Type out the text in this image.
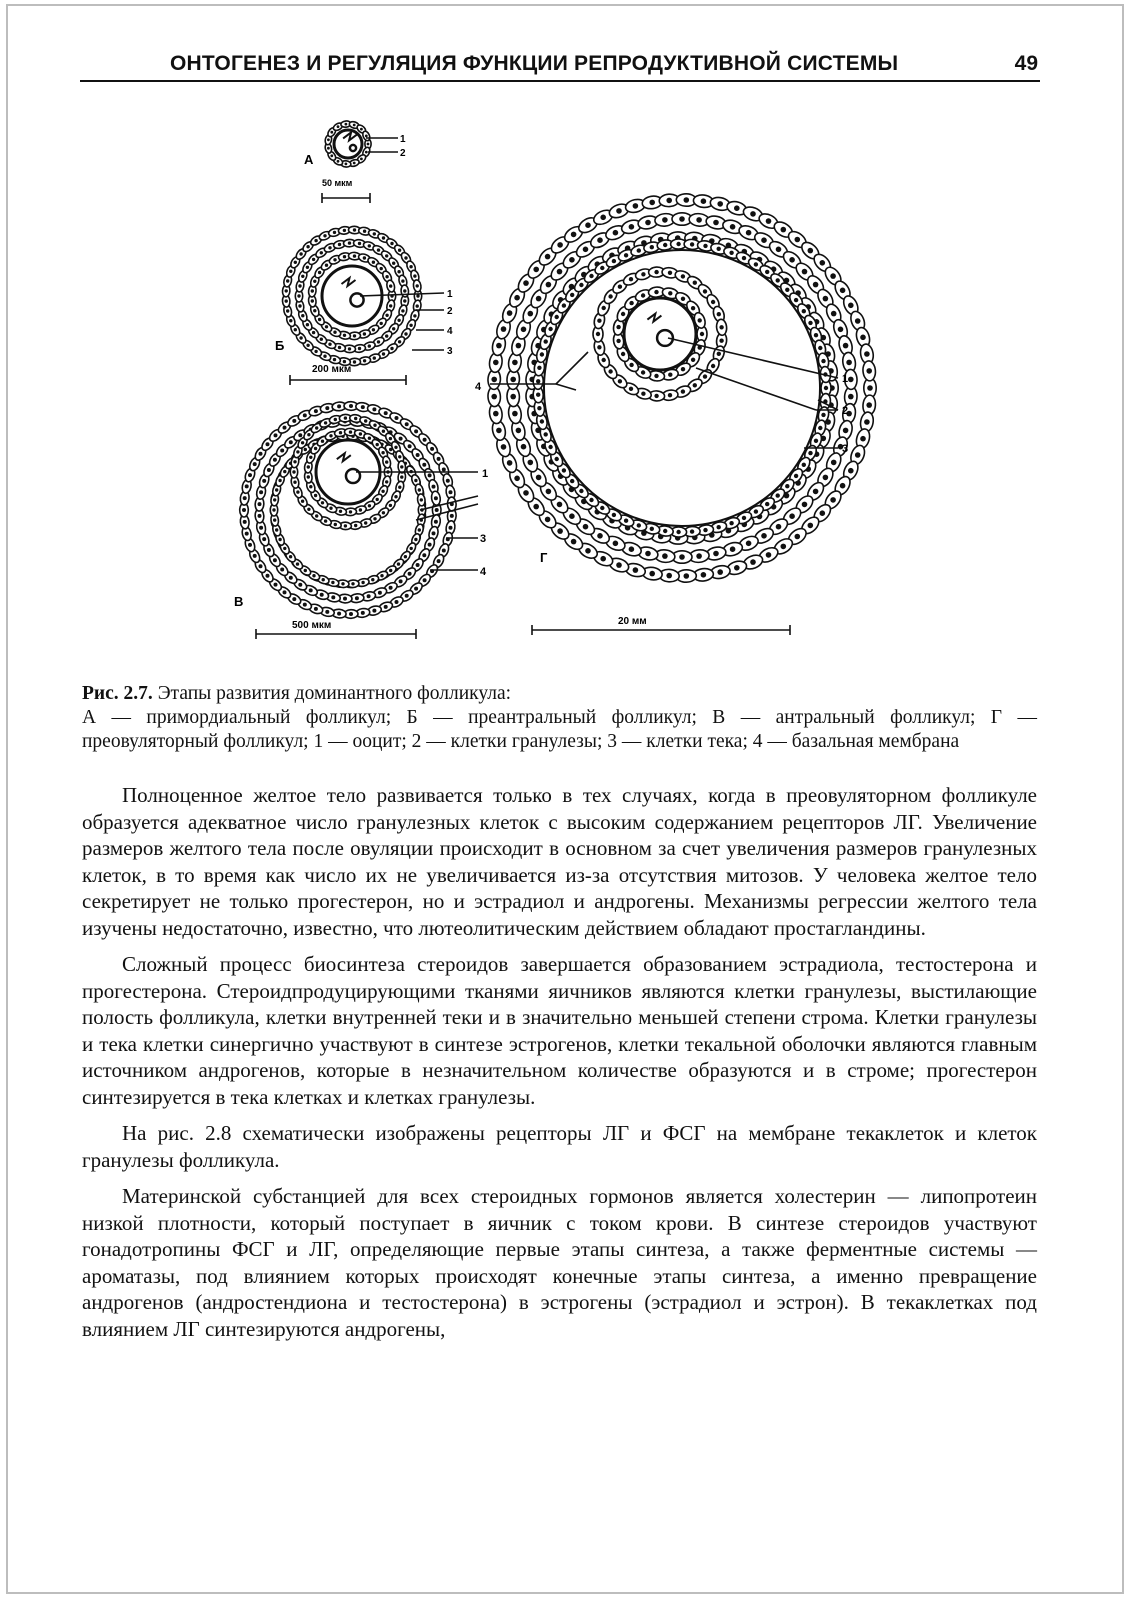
ОНТОГЕНЕЗ И РЕГУЛЯЦИЯ ФУНКЦИИ РЕПРОДУКТИВНОЙ СИСТЕМЫ	49
А
50 мкм
1
2
Б
200 мкм
1
2
4
3
В
500 мкм
1
3
4
Г
20 мм
4
1
2
3
Рис. 2.7. Этапы развития доминантного фолликула:
А — примордиальный фолликул; Б — преантральный фолликул; В — антральный фолликул; Г — преовуляторный фолликул; 1 — ооцит; 2 — клетки гранулезы; 3 — клетки тека; 4 — базальная мембрана

Полноценное желтое тело развивается только в тех случаях, когда в преовуляторном фолликуле образуется адекватное число гранулезных клеток с высоким содержанием рецепторов ЛГ. Увеличение размеров желтого тела после овуляции происходит в основном за счет увеличения размеров гранулезных клеток, в то время как число их не увеличивается из-за отсутствия митозов. У человека желтое тело секретирует не только прогестерон, но и эстрадиол и андрогены. Механизмы регрессии желтого тела изучены недостаточно, известно, что лютеолитическим действием обладают простагландины.

Сложный процесс биосинтеза стероидов завершается образованием эстрадиола, тестостерона и прогестерона. Стероидпродуцирующими тканями яичников являются клетки гранулезы, выстилающие полость фолликула, клетки внутренней теки и в значительно меньшей степени строма. Клетки гранулезы и тека клетки синергично участвуют в синтезе эстрогенов, клетки текальной оболочки являются главным источником андрогенов, которые в незначительном количестве образуются и в строме; прогестерон синтезируется в тека клетках и клетках гранулезы.

На рис. 2.8 схематически изображены рецепторы ЛГ и ФСГ на мембране текаклеток и клеток гранулезы фолликула.

Материнской субстанцией для всех стероидных гормонов является холестерин — липопротеин низкой плотности, который поступает в яичник с током крови. В синтезе стероидов участвуют гонадотропины ФСГ и ЛГ, определяющие первые этапы синтеза, а также ферментные системы — ароматазы, под влиянием которых происходят конечные этапы синтеза, а именно превращение андрогенов (андростендиона и тестостерона) в эстрогены (эстрадиол и эстрон). В текаклетках под влиянием ЛГ синтезируются андрогены,
